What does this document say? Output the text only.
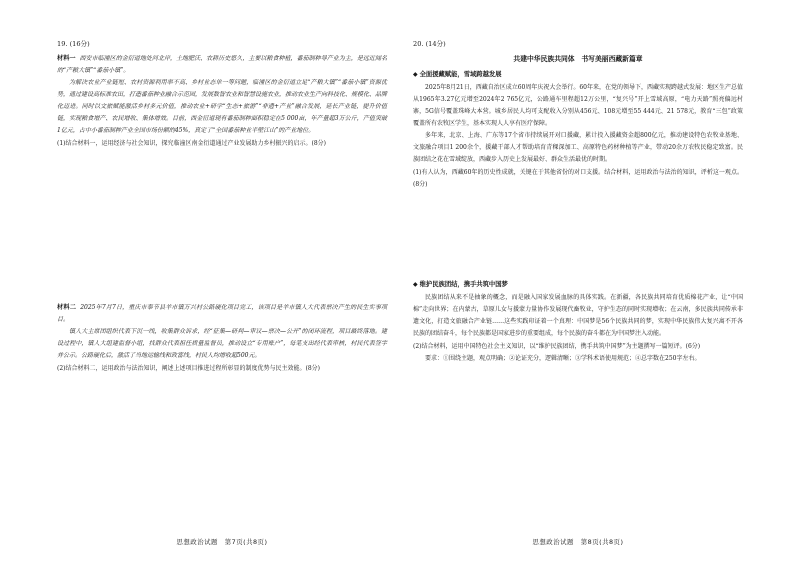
19. (16分)

材料一 西安市临潼区的金衍道地处河北岸，土地肥沃、农耕历史悠久，主要以粮食种植，番茄制种导产业为主，是远近闻名的“产粮大镇”“番茄小镇”。

为解决农业产业链短、农村资源利用率不高、乡村业态单一等问题，临潼区的金衍道立足“产粮大镇”“番茄小镇”资源优势，通过建设高标准农田，打造番茄种业融合示范园，发展数智农业和智慧设施农业，推动农业生产向科技化、规模化、品牌化迈进。同时以文旅赋能激活乡村多元价值，推动农业+研学“生态+旅游”“非遗+产业”融合发展，延长产业链，提升价值链，实现粮食增产、农民增收、集体增效。目前，西金衍道现有番茄制种面积稳定在5 000亩，年产量超3万公斤，产值突破1亿元，占中小番茄制种产业全国市场份额的45%，真定了“全国番茄种业半壁江山”的产业地位。

(1)结合材料一，运用经济与社会知识，探究临潼区南金衍道通过产业发展助力乡村振兴的启示。(8分)

材料二 2025年7月7日，重庆市奉节县羊市镇万兴村公路硬化项目完工，该项目是羊市镇人大代表票决产生的民生实事项目。

镇人大主席团组织代表下沉一线，收集群众诉求，经“征集—研判—审议—票决—公开”的闭环流程，项目最终落地。建设过程中，镇人大组建监督小组，找群众代表担任质量监督员，推动设立“专用账户”，每笔支出经代表审核，村民代表签字并公示。公路硬化后，激活了当地运输线和致富线，村民人均增收超500元。

(2)结合材料二，运用政治与法治知识，阐述上述项目推进过程所彰显的制度优势与民主效能。(8分)

20. (14分)
共建中华民族共同体　书写美丽西藏新篇章
◆ 全面援藏赋能，雪域跨越发展

2025年8月21日，西藏自治区成立60周年庆祝大会举行。60年来，在党的领导下，西藏实现跨越式发展：地区生产总值从1965年3.27亿元增至2024年2 765亿元，公路通车里程超12万公里，“复兴号”开上雪域高原，“电力天路”照亮偏远村寨，5G信号覆盖珠峰大本营。城乡居民人均可支配收入分别从456元、108元增至55 444元、21 578元，教育“三包”政策覆盖所有农牧区学生，基本实现人人享有医疗保障。

多年来，北京、上海、广东等17个省市持续展开对口援藏，累计投入援藏资金超800亿元，推动建设特色农牧业基地、文旅融合项目1 200余个，援藏干部人才帮助培育青稞深加工、高原特色药材种植等产业，带动20余万农牧民稳定致富。民族团结之花在雪域绽放，西藏步入历史上发展最好、群众生活最优的时期。

(1)有人认为，西藏60年的历史性成就，关键在于其他省份的对口支援。结合材料，运用政治与法治的知识，评析这一观点。(8分)

◆ 维护民族团结，携手共筑中国梦

民族团结从来不是抽象的概念，而是融入国家发展血脉的具体实践。在新疆，各民族共同培育优质棉花产业，让“中国棉”走向世界；在内蒙古，草原儿女与援蒙力量协作发展现代畜牧业，守护生态的同时实现增收；在云南，多民族共同传承非遗文化，打造文旅融合产业链……这些实践印证着一个真理：中国梦是56个民族共同的梦，实现中华民族伟大复兴离不开各民族的团结奋斗，每个民族都是国家进步的重要组成，每个民族的奋斗都在为中国梦注入动能。

(2)结合材料，运用中国特色社会主义知识，以“维护民族团结，携手共筑中国梦”为主题撰写一篇短评。(6分)

要求：①围绕主题，观点明确；②论证充分，逻辑清晰；③学科术语使用规范；④总字数在250字左右。

思想政治试题　第7页(共8页)	思想政治试题　第8页(共8页)
